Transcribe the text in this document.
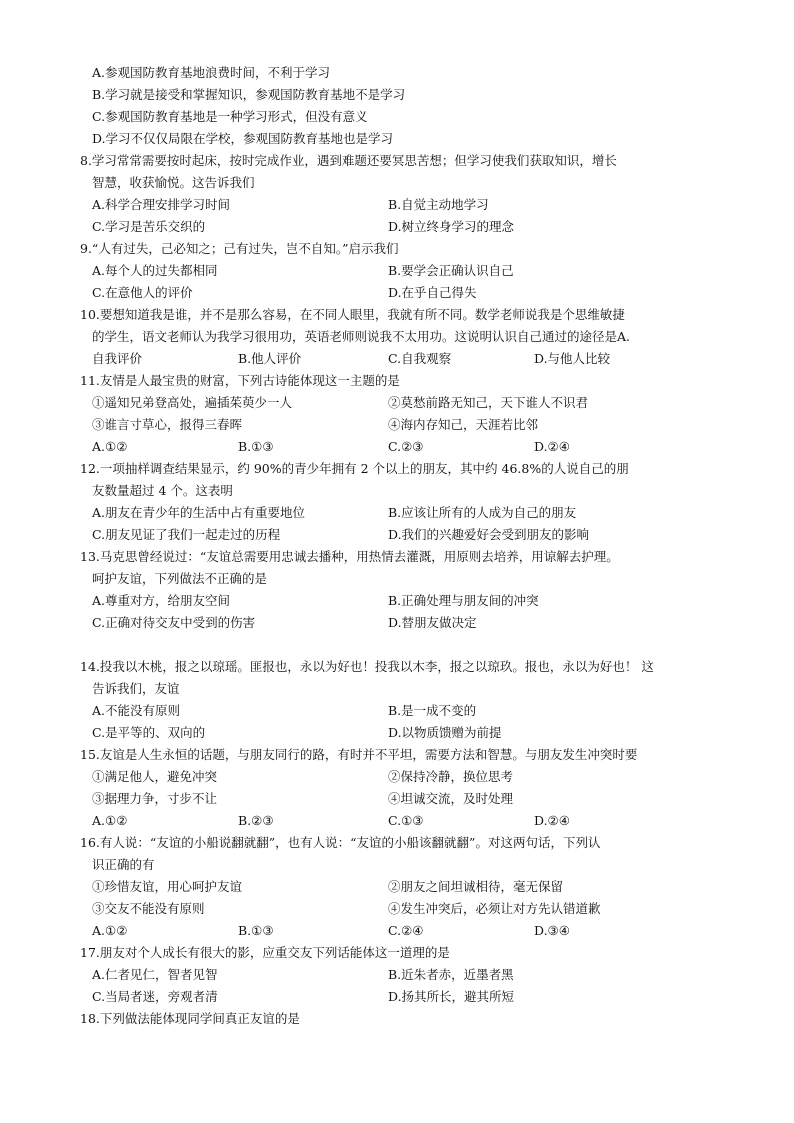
A.参观国防教育基地浪费时间，不利于学习
B.学习就是接受和掌握知识，参观国防教育基地不是学习
C.参观国防教育基地是一种学习形式，但没有意义
D.学习不仅仅局限在学校，参观国防教育基地也是学习
8.学习常常需要按时起床，按时完成作业，遇到难题还要冥思苦想；但学习使我们获取知识，增长
智慧，收获愉悦。这告诉我们
A.科学合理安排学习时间	B.自觉主动地学习
C.学习是苦乐交织的	D.树立终身学习的理念
9.“人有过失，己必知之；己有过失，岂不自知。”启示我们
A.每个人的过失都相同	B.要学会正确认识自己
C.在意他人的评价	D.在乎自己得失
10.要想知道我是谁，并不是那么容易，在不同人眼里，我就有所不同。数学老师说我是个思维敏捷
的学生，语文老师认为我学习很用功，英语老师则说我不太用功。这说明认识自己通过的途径是A.
自我评价	B.他人评价	C.自我观察	D.与他人比较
11.友情是人最宝贵的财富，下列古诗能体现这一主题的是
①遥知兄弟登高处，遍插茱萸少一人	②莫愁前路无知己，天下谁人不识君
③谁言寸草心，报得三春晖	④海内存知己，天涯若比邻
A.①②	B.①③	C.②③	D.②④
12.一项抽样调查结果显示，约 90%的青少年拥有 2 个以上的朋友，其中约 46.8%的人说自己的朋
友数量超过 4 个。这表明
A.朋友在青少年的生活中占有重要地位	B.应该让所有的人成为自己的朋友
C.朋友见证了我们一起走过的历程	D.我们的兴趣爱好会受到朋友的影响
13.马克思曾经说过：“友谊总需要用忠诚去播种，用热情去灌溉，用原则去培养，用谅解去护理。
呵护友谊，下列做法不正确的是
A.尊重对方，给朋友空间	B.正确处理与朋友间的冲突
C.正确对待交友中受到的伤害	D.替朋友做决定
14.投我以木桃，报之以琼瑶。匪报也，永以为好也！投我以木李，报之以琼玖。报也，永以为好也！ 这
告诉我们，友谊
A.不能没有原则	B.是一成不变的
C.是平等的、双向的	D.以物质馈赠为前提
15.友谊是人生永恒的话题，与朋友同行的路，有时并不平坦，需要方法和智慧。与朋友发生冲突时要
①满足他人，避免冲突	②保持冷静，换位思考
③据理力争，寸步不让	④坦诚交流，及时处理
A.①②	B.②③	C.①③	D.②④
16.有人说：“友谊的小船说翻就翻”，也有人说：“友谊的小船该翻就翻”。对这两句话，下列认
识正确的有
①珍惜友谊，用心呵护友谊	②朋友之间坦诚相待，毫无保留
③交友不能没有原则	④发生冲突后，必须让对方先认错道歉
A.①②	B.①③	C.②④	D.③④
17.朋友对个人成长有很大的影，应重交友下列话能体这一道理的是
A.仁者见仁，智者见智	B.近朱者赤，近墨者黑
C.当局者迷，旁观者清	D.扬其所长，避其所短
18.下列做法能体现同学间真正友谊的是
